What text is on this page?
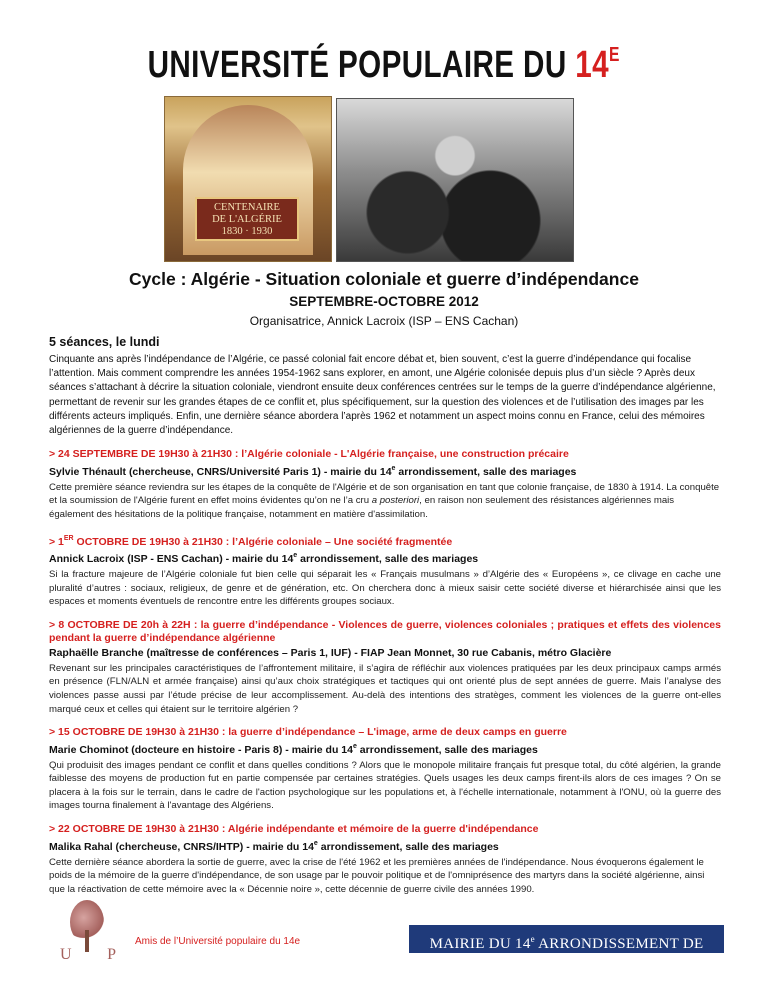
UNIVERSITÉ POPULAIRE DU $14^E$
CENTENAIRE
DE L'ALGÉRIE
1830 · 1930
Cycle : Algérie - Situation coloniale et guerre d’indépendance
SEPTEMBRE-OCTOBRE 2012
Organisatrice, Annick Lacroix (ISP – ENS Cachan)
5 séances, le lundi

Cinquante ans après l’indépendance de l’Algérie, ce passé colonial fait encore débat et, bien souvent, c’est la guerre d’indépendance qui focalise l’attention. Mais comment comprendre les années 1954-1962 sans explorer, en amont, une Algérie colonisée depuis plus d’un siècle ? Après deux séances s’attachant à décrire la situation coloniale, viendront ensuite deux conférences centrées sur le temps de la guerre d’indépendance algérienne, permettant de revenir sur les grandes étapes de ce conflit et, plus spécifiquement, sur la question des violences et de l’utilisation des images par les différents acteurs impliqués. Enfin, une dernière séance abordera l’après 1962 et notamment un aspect moins connu en France, celui des mémoires algériennes de la guerre d’indépendance.

> 24 SEPTEMBRE DE 19H30 à 21H30 : l’Algérie coloniale - L'Algérie française, une construction précaire
Sylvie Thénault (chercheuse, CNRS/Université Paris 1) - mairie du 14e arrondissement, salle des mariages
Cette première séance reviendra sur les étapes de la conquête de l'Algérie et de son organisation en tant que colonie française, de 1830 à 1914. La conquête et la soumission de l'Algérie furent en effet moins évidentes qu’on ne l’a cru a posteriori, en raison non seulement des résistances algériennes mais également des hésitations de la politique française, notamment en matière d'assimilation.
> 1ER OCTOBRE DE 19H30 à 21H30 : l’Algérie coloniale – Une société fragmentée
Annick Lacroix (ISP - ENS Cachan) - mairie du 14e arrondissement, salle des mariages
Si la fracture majeure de l’Algérie coloniale fut bien celle qui séparait les « Français musulmans » d’Algérie des « Européens », ce clivage en cache une pluralité d’autres : sociaux, religieux, de genre et de génération, etc. On cherchera donc à mieux saisir cette société diverse et hiérarchisée ainsi que les espaces et moments éventuels de rencontre entre les différents groupes sociaux.
> 8 OCTOBRE DE 20h à 22H : la guerre d’indépendance - Violences de guerre, violences coloniales ; pratiques et effets des violences pendant la guerre d’indépendance algérienne
Raphaëlle Branche (maîtresse de conférences – Paris 1, IUF) - FIAP Jean Monnet, 30 rue Cabanis, métro Glacière
Revenant sur les principales caractéristiques de l’affrontement militaire, il s’agira de réfléchir aux violences pratiquées par les deux principaux camps armés en présence (FLN/ALN et armée française) ainsi qu’aux choix stratégiques et tactiques qui ont orienté plus de sept années de guerre. Mais l’analyse des violences passe aussi par l’étude précise de leur accomplissement. Au-delà des intentions des stratèges, comment les violences de la guerre ont-elles marqué ceux et celles qui étaient sur le territoire algérien ?
> 15 OCTOBRE DE 19H30 à 21H30 : la guerre d’indépendance – L'image, arme de deux camps en guerre
Marie Chominot (docteure en histoire - Paris 8) - mairie du 14e arrondissement, salle des mariages
Qui produisit des images pendant ce conflit et dans quelles conditions ? Alors que le monopole militaire français fut presque total, du côté algérien, la grande faiblesse des moyens de production fut en partie compensée par certaines stratégies. Quels usages les deux camps firent-ils alors de ces images ? On se placera à la fois sur le terrain, dans le cadre de l'action psychologique sur les populations et, à l'échelle internationale, notamment à l'ONU, où la guerre des images tourna finalement à l'avantage des Algériens.
> 22 OCTOBRE DE 19H30 à 21H30 : Algérie indépendante et mémoire de la guerre d'indépendance
Malika Rahal (chercheuse, CNRS/IHTP) - mairie du 14e arrondissement, salle des mariages
Cette dernière séance abordera la sortie de guerre, avec la crise de l'été 1962 et les premières années de l'indépendance. Nous évoquerons également le poids de la mémoire de la guerre d'indépendance, de son usage par le pouvoir politique et de l'omniprésence des martyrs dans la société algérienne, ainsi que la réactivation de cette mémoire avec la « Décennie noire », cette décennie de guerre civile des années 1990.
U P
Amis de l’Université populaire du 14e	MAIRIE DU 14e ARRONDISSEMENT DE PARIS
